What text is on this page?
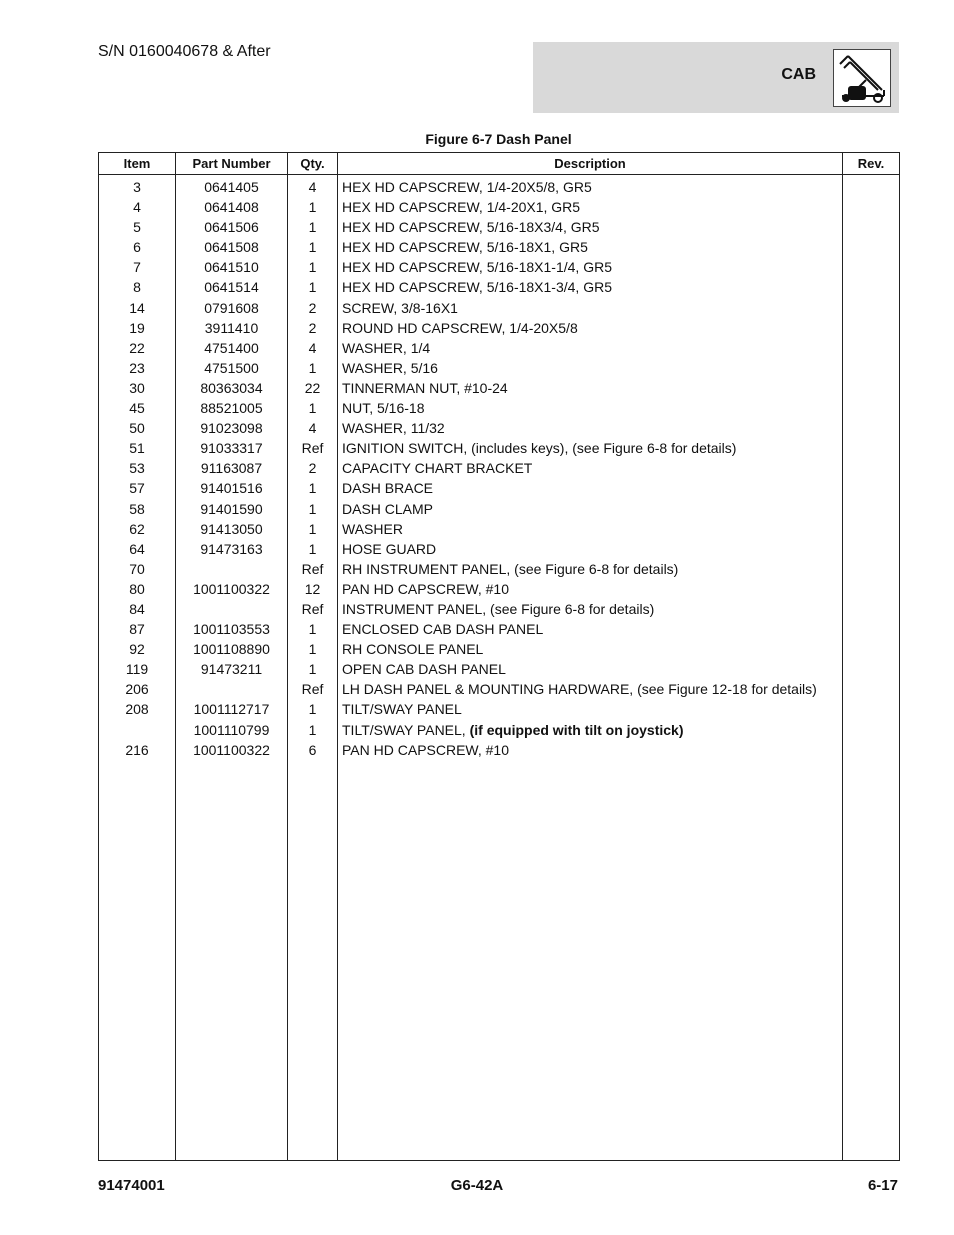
S/N 0160040678 & After
CAB
Figure 6-7 Dash Panel
Item	Part Number	Qty.	Description	Rev.
3	0641405	4	HEX HD CAPSCREW, 1/4-20X5/8, GR5	
4	0641408	1	HEX HD CAPSCREW, 1/4-20X1, GR5	
5	0641506	1	HEX HD CAPSCREW, 5/16-18X3/4, GR5	
6	0641508	1	HEX HD CAPSCREW, 5/16-18X1, GR5	
7	0641510	1	HEX HD CAPSCREW, 5/16-18X1-1/4, GR5	
8	0641514	1	HEX HD CAPSCREW, 5/16-18X1-3/4, GR5	
14	0791608	2	SCREW, 3/8-16X1	
19	3911410	2	ROUND HD CAPSCREW, 1/4-20X5/8	
22	4751400	4	WASHER, 1/4	
23	4751500	1	WASHER, 5/16	
30	80363034	22	TINNERMAN NUT, #10-24	
45	88521005	1	NUT, 5/16-18	
50	91023098	4	WASHER, 11/32	
51	91033317	Ref	IGNITION SWITCH, (includes keys), (see Figure 6-8 for details)	
53	91163087	2	CAPACITY CHART BRACKET	
57	91401516	1	DASH BRACE	
58	91401590	1	DASH CLAMP	
62	91413050	1	WASHER	
64	91473163	1	HOSE GUARD	
70		Ref	RH INSTRUMENT PANEL, (see Figure 6-8 for details)	
80	1001100322	12	PAN HD CAPSCREW, #10	
84		Ref	INSTRUMENT PANEL, (see Figure 6-8 for details)	
87	1001103553	1	ENCLOSED CAB DASH PANEL	
92	1001108890	1	RH CONSOLE PANEL	
119	91473211	1	OPEN CAB DASH PANEL	
206		Ref	LH DASH PANEL & MOUNTING HARDWARE, (see Figure 12-18 for details)	
208	1001112717	1	TILT/SWAY PANEL	
	1001110799	1	TILT/SWAY PANEL, (if equipped with tilt on joystick)	
216	1001100322	6	PAN HD CAPSCREW, #10	

91474001	G6-42A	6-17
